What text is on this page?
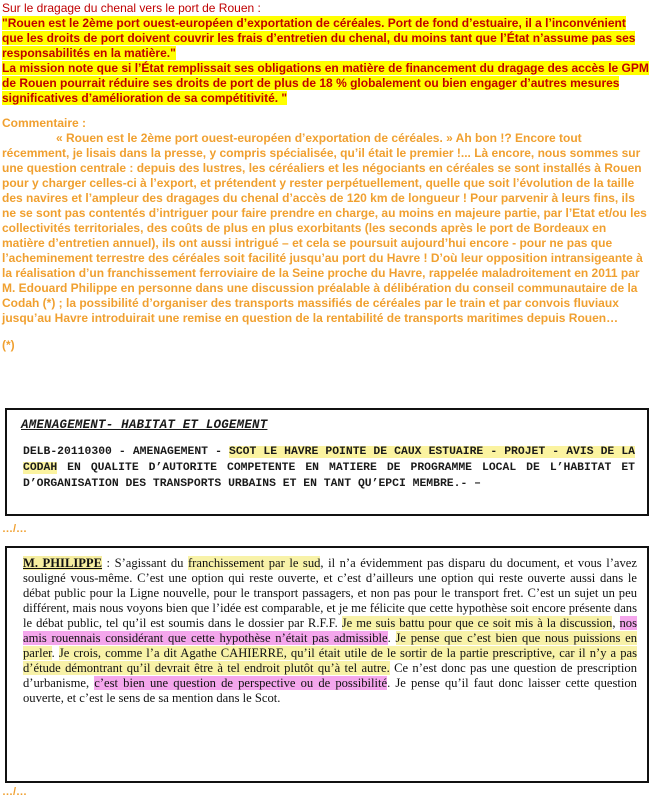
Sur le dragage du chenal vers le port de Rouen :
"Rouen est le 2ème port ouest-européen d’exportation de céréales. Port de fond d’estuaire, il a l’inconvénient que les droits de port doivent couvrir les frais d’entretien du chenal, du moins tant que l’État n’assume pas ses responsabilités en la matière."
La mission note que si l’État remplissait ses obligations en matière de financement du dragage des accès le GPM de Rouen pourrait réduire ses droits de port de plus de 18 % globalement ou bien engager d’autres mesures significatives d’amélioration de sa compétitivité. "
Commentaire :

« Rouen est le 2ème port ouest-européen d’exportation de céréales. » Ah bon !? Encore tout récemment, je lisais dans la presse, y compris spécialisée, qu’il était le premier !... Là encore, nous sommes sur une question centrale : depuis des lustres, les céréaliers et les négociants en céréales se sont installés à Rouen pour y charger celles-ci à l’export, et prétendent y rester perpétuellement, quelle que soit l’évolution de la taille des navires et l’ampleur des dragages du chenal d’accès de 120 km de longueur ! Pour parvenir à leurs fins, ils ne se sont pas contentés d’intriguer pour faire prendre en charge, au moins en majeure partie, par l’Etat et/ou les collectivités territoriales, des coûts de plus en plus exorbitants (les seconds après le port de Bordeaux en matière d’entretien annuel), ils ont aussi intrigué – et cela se poursuit aujourd’hui encore - pour ne pas que l’acheminement terrestre des céréales soit facilité jusqu’au port du Havre ! D’où leur opposition intransigeante à la réalisation d’un franchissement ferroviaire de la Seine proche du Havre, rappelée maladroitement en 2011 par M. Edouard Philippe en personne dans une discussion préalable à délibération du conseil communautaire de la Codah (*) ; la possibilité d’organiser des transports massifiés de céréales par le train et par convois fluviaux jusqu’au Havre introduirait une remise en question de la rentabilité de transports maritimes depuis Rouen…

(*)
AMENAGEMENT- HABITAT ET LOGEMENT
DELB-20110300 - AMENAGEMENT - SCOT LE HAVRE POINTE DE CAUX ESTUAIRE - PROJET - AVIS DE LA CODAH EN QUALITE D’AUTORITE COMPETENTE EN MATIERE DE PROGRAMME LOCAL DE L’HABITAT ET D’ORGANISATION DES TRANSPORTS URBAINS ET EN TANT QU’EPCI MEMBRE.- –
…/…
M. PHILIPPE : S’agissant du franchissement par le sud, il n’a évidemment pas disparu du document, et vous l’avez souligné vous-même. C’est une option qui reste ouverte, et c’est d’ailleurs une option qui reste ouverte aussi dans le débat public pour la Ligne nouvelle, pour le transport passagers, et non pas pour le transport fret. C’est un sujet un peu différent, mais nous voyons bien que l’idée est comparable, et je me félicite que cette hypothèse soit encore présente dans le débat public, tel qu’il est soumis dans le dossier par R.F.F. Je me suis battu pour que ce soit mis à la discussion, nos amis rouennais considérant que cette hypothèse n’était pas admissible. Je pense que c’est bien que nous puissions en parler. Je crois, comme l’a dit Agathe CAHIERRE, qu’il était utile de le sortir de la partie prescriptive, car il n’y a pas d’étude démontrant qu’il devrait être à tel endroit plutôt qu’à tel autre. Ce n’est donc pas une question de prescription d’urbanisme, c’est bien une question de perspective ou de possibilité. Je pense qu’il faut donc laisser cette question ouverte, et c’est le sens de sa mention dans le Scot.
…/…
